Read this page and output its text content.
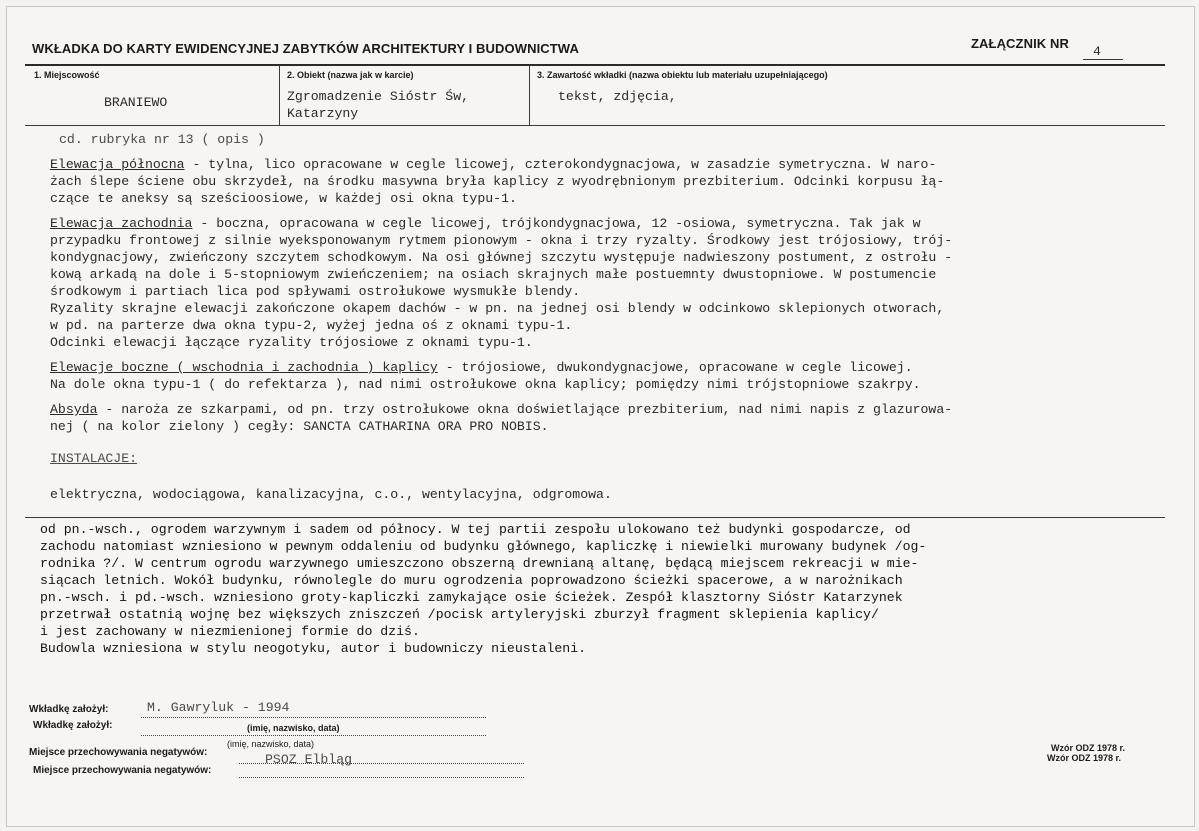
WKŁADKA DO KARTY EWIDENCYJNEJ ZABYTKÓW ARCHITEKTURY I BUDOWNICTWA	ZAŁĄCZNIK NR
4
1. Miejscowość
BRANIEWO
2. Obiekt (nazwa jak w karcie)
Zgromadzenie Sióstr Św,
Katarzyny
3. Zawartość wkładki (nazwa obiektu lub materiału uzupełniającego)
tekst, zdjęcia,
cd. rubryka nr 13 ( opis )
Elewacja północna - tylna, lico opracowane w cegle licowej, czterokondygnacjowa, w zasadzie symetryczna. W naro-
żach ślepe ściene obu skrzydeł, na środku masywna bryła kaplicy z wyodrębnionym prezbiterium. Odcinki korpusu łą-
czące te aneksy są sześcioosiowe, w każdej osi okna typu-1.
Elewacja zachodnia - boczna, opracowana w cegle licowej, trójkondygnacjowa, 12 -osiowa, symetryczna. Tak jak w
przypadku frontowej z silnie wyeksponowanym rytmem pionowym - okna i trzy ryzalty. Środkowy jest trójosiowy, trój-
kondygnacjowy, zwieńczony szczytem schodkowym. Na osi głównej szczytu występuje nadwieszony postument, z ostrołu -
kową arkadą na dole i 5-stopniowym zwieńczeniem; na osiach skrajnych małe postuemnty dwustopniowe. W postumencie
środkowym i partiach lica pod spływami ostrołukowe wysmukłe blendy.
Ryzality skrajne elewacji zakończone okapem dachów - w pn. na jednej osi blendy w odcinkowo sklepionych otworach,
w pd. na parterze dwa okna typu-2, wyżej jedna oś z oknami typu-1.
Odcinki elewacji łączące ryzality trójosiowe z oknami typu-1.
Elewacje boczne ( wschodnia i zachodnia ) kaplicy - trójosiowe, dwukondygnacjowe, opracowane w cegle licowej.
Na dole okna typu-1 ( do refektarza ), nad nimi ostrołukowe okna kaplicy; pomiędzy nimi trójstopniowe szakrpy.
Absyda - naroża ze szkarpami, od pn. trzy ostrołukowe okna doświetlające prezbiterium, nad nimi napis z glazurowa-
nej ( na kolor zielony ) cegły: SANCTA CATHARINA ORA PRO NOBIS.
INSTALACJE:
elektryczna, wodociągowa, kanalizacyjna, c.o., wentylacyjna, odgromowa.
od pn.-wsch., ogrodem warzywnym i sadem od północy. W tej partii zespołu ulokowano też budynki gospodarcze, od
zachodu natomiast wzniesiono w pewnym oddaleniu od budynku głównego, kapliczkę i niewielki murowany budynek /og-
rodnika ?/. W centrum ogrodu warzywnego umieszczono obszerną drewnianą altanę, będącą miejscem rekreacji w mie-
siącach letnich. Wokół budynku, równolegle do muru ogrodzenia poprowadzono ścieżki spacerowe, a w narożnikach
pn.-wsch. i pd.-wsch. wzniesiono groty-kapliczki zamykające osie ścieżek. Zespół klasztorny Sióstr Katarzynek
przetrwał ostatnią wojnę bez większych zniszczeń /pocisk artyleryjski zburzył fragment sklepienia kaplicy/
i jest zachowany w niezmienionej formie do dziś.
Budowla wzniesiona w stylu neogotyku, autor i budowniczy nieustaleni.
Wkładkę założył:	M. Gawryluk - 1994
Wkładkę założył:	(imię, nazwisko, data)
(imię, nazwisko, data)
Miejsce przechowywania negatywów:	PSOZ Elbląg
Miejsce przechowywania negatywów:
Wzór ODZ 1978 r.
Wzór ODZ 1978 r.
